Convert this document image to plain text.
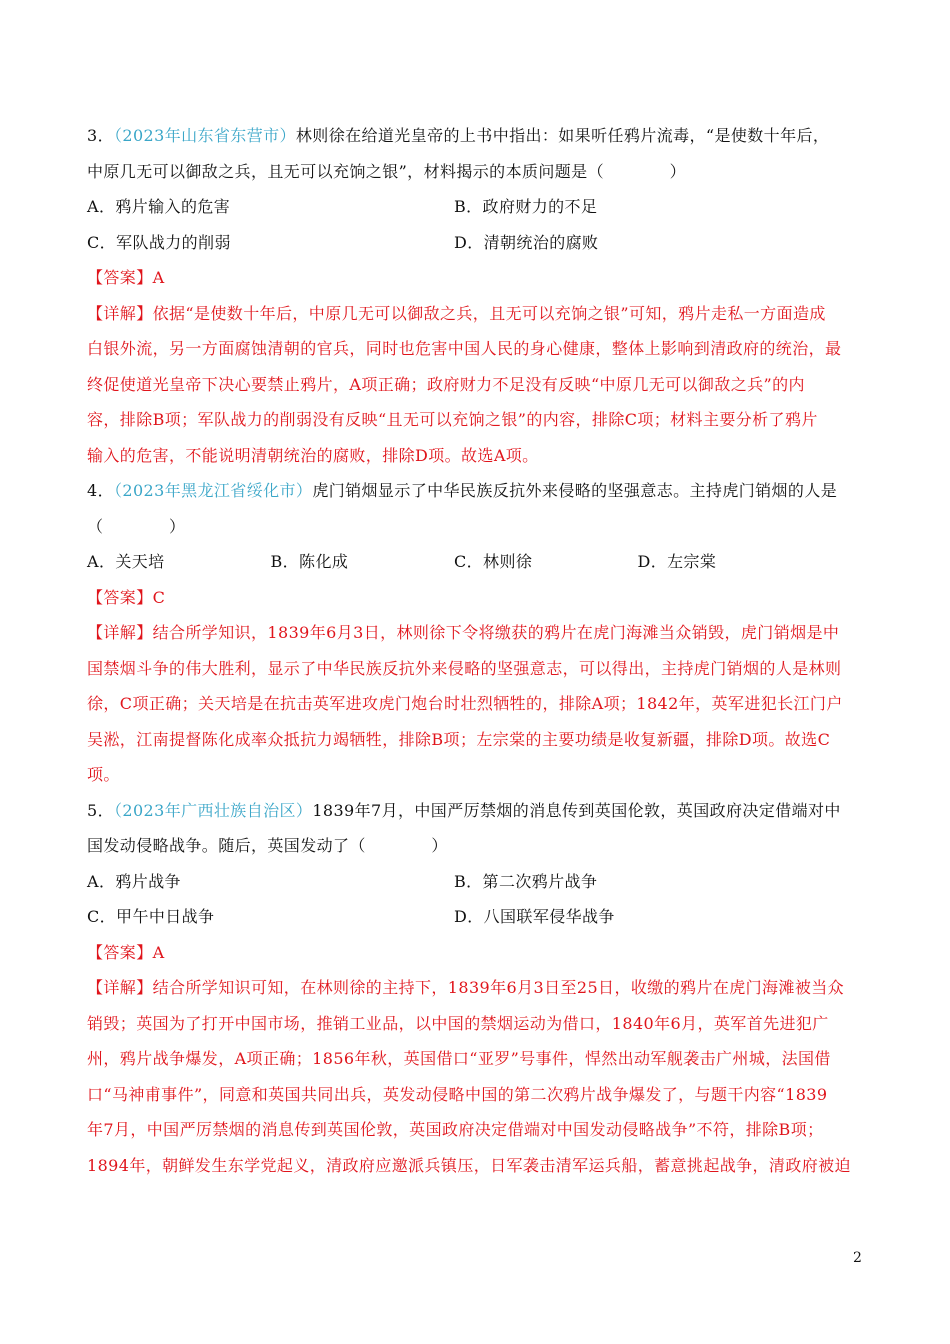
3．（2023年山东省东营市）林则徐在给道光皇帝的上书中指出：如果听任鸦片流毒，“是使数十年后，
中原几无可以御敌之兵，且无可以充饷之银”，材料揭示的本质问题是（　　　　）
A．鸦片输入的危害	B．政府财力的不足
C．军队战力的削弱	D．清朝统治的腐败
【答案】A
【详解】依据“是使数十年后，中原几无可以御敌之兵，且无可以充饷之银”可知，鸦片走私一方面造成
白银外流，另一方面腐蚀清朝的官兵，同时也危害中国人民的身心健康，整体上影响到清政府的统治，最
终促使道光皇帝下决心要禁止鸦片，A项正确；政府财力不足没有反映“中原几无可以御敌之兵”的内
容，排除B项；军队战力的削弱没有反映“且无可以充饷之银”的内容，排除C项；材料主要分析了鸦片
输入的危害，不能说明清朝统治的腐败，排除D项。故选A项。
4．（2023年黑龙江省绥化市）虎门销烟显示了中华民族反抗外来侵略的坚强意志。主持虎门销烟的人是
（　　　　）
A．关天培	B．陈化成	C．林则徐	D．左宗棠
【答案】C
【详解】结合所学知识，1839年6月3日，林则徐下令将缴获的鸦片在虎门海滩当众销毁，虎门销烟是中
国禁烟斗争的伟大胜利，显示了中华民族反抗外来侵略的坚强意志，可以得出，主持虎门销烟的人是林则
徐，C项正确；关天培是在抗击英军进攻虎门炮台时壮烈牺牲的，排除A项；1842年，英军进犯长江门户
吴淞，江南提督陈化成率众抵抗力竭牺牲，排除B项；左宗棠的主要功绩是收复新疆，排除D项。故选C
项。
5．（2023年广西壮族自治区）1839年7月，中国严厉禁烟的消息传到英国伦敦，英国政府决定借端对中
国发动侵略战争。随后，英国发动了（　　　　）
A．鸦片战争	B．第二次鸦片战争
C．甲午中日战争	D．八国联军侵华战争
【答案】A
【详解】结合所学知识可知，在林则徐的主持下，1839年6月3日至25日，收缴的鸦片在虎门海滩被当众
销毁；英国为了打开中国市场，推销工业品，以中国的禁烟运动为借口，1840年6月，英军首先进犯广
州，鸦片战争爆发，A项正确；1856年秋，英国借口“亚罗”号事件，悍然出动军舰袭击广州城，法国借
口“马神甫事件”，同意和英国共同出兵，英发动侵略中国的第二次鸦片战争爆发了，与题干内容“1839
年7月，中国严厉禁烟的消息传到英国伦敦，英国政府决定借端对中国发动侵略战争”不符，排除B项；
1894年，朝鲜发生东学党起义，清政府应邀派兵镇压，日军袭击清军运兵船，蓄意挑起战争，清政府被迫
2
